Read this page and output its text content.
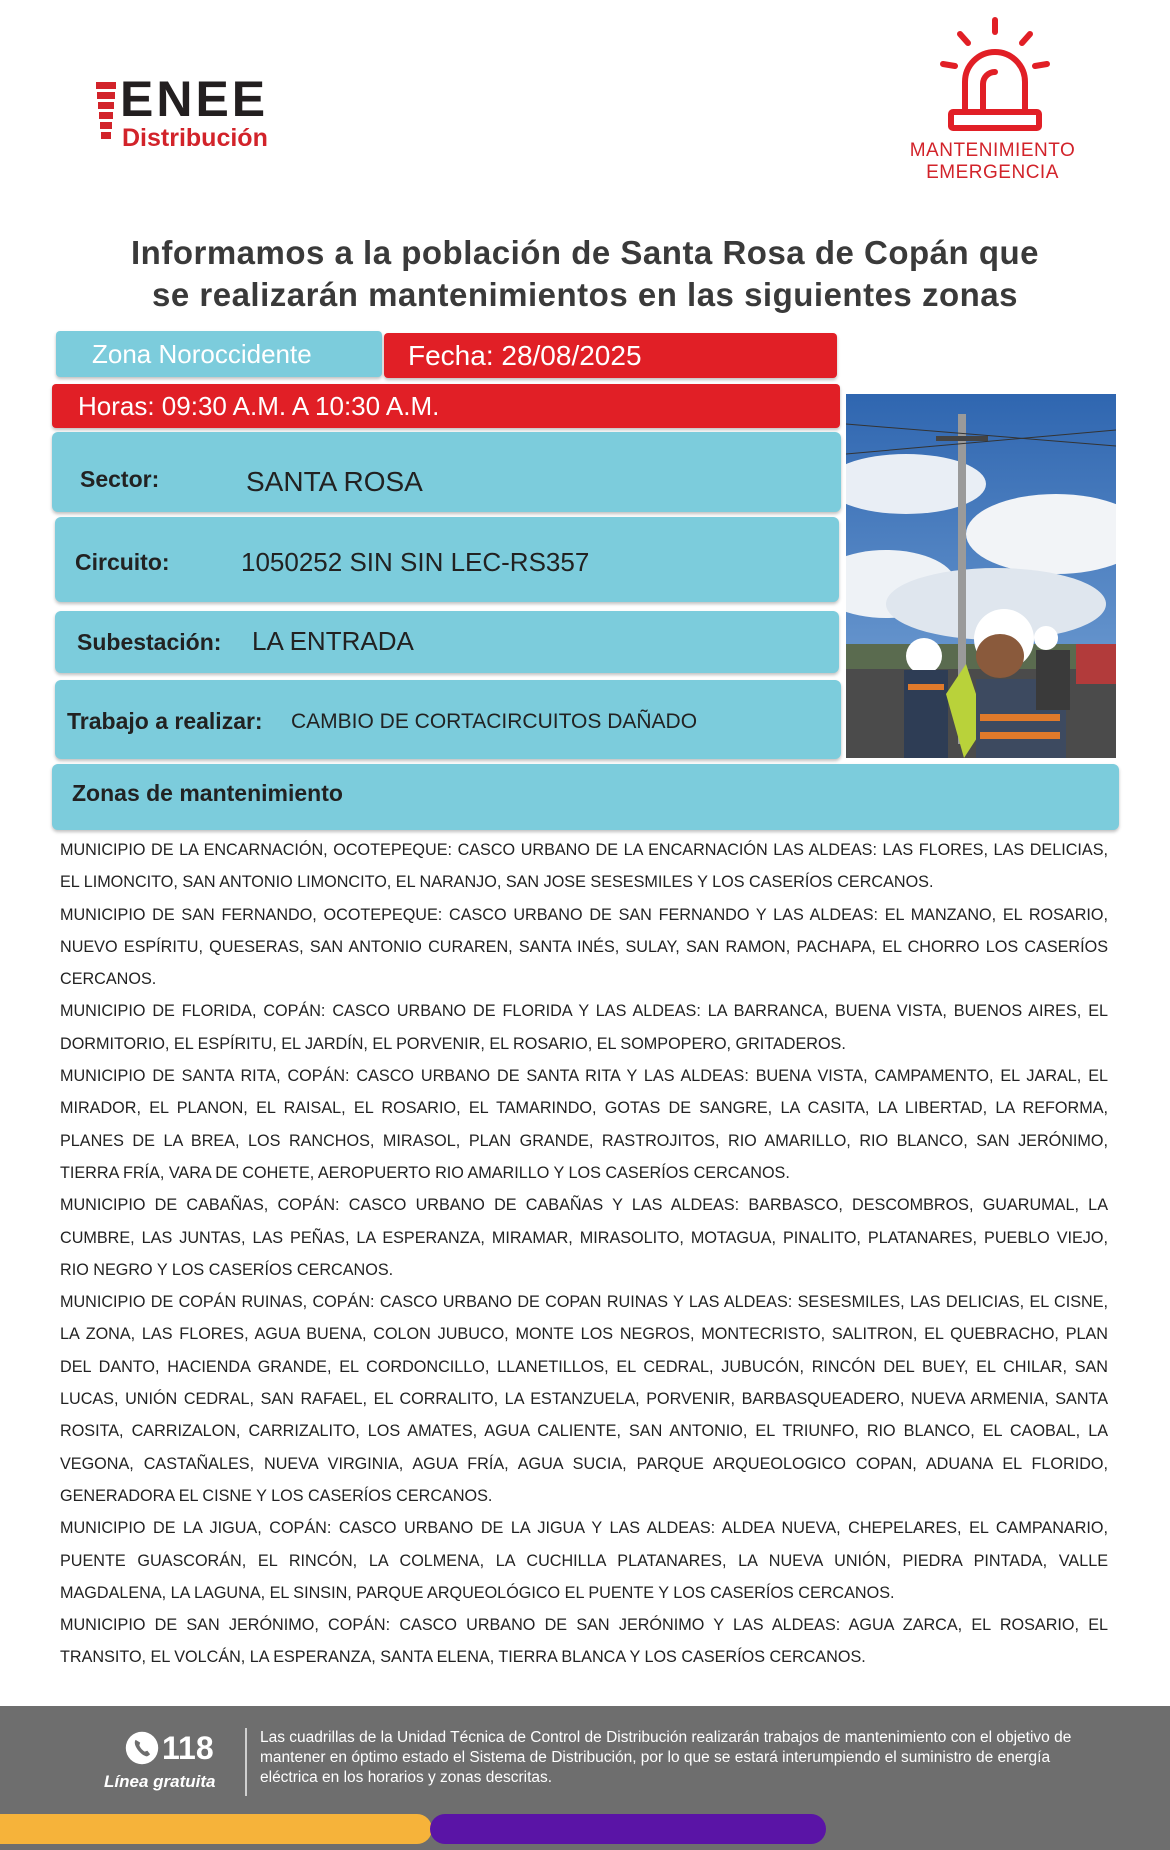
ENEE
Distribución	MANTENIMIENTO
EMERGENCIA
Informamos a la población de Santa Rosa de Copán que
se realizarán mantenimientos en las siguientes zonas
Zona Noroccidente	Fecha: 28/08/2025
Horas: 09:30 A.M. A 10:30 A.M.
Sector:	SANTA ROSA
Circuito:	1050252 SIN SIN LEC-RS357
Subestación: LA ENTRADA
Trabajo a realizar: CAMBIO DE CORTACIRCUITOS DAÑADO
Zonas de mantenimiento

MUNICIPIO DE LA ENCARNACIÓN, OCOTEPEQUE: CASCO URBANO DE LA ENCARNACIÓN LAS ALDEAS: LAS FLORES, LAS DELICIAS, EL LIMONCITO, SAN ANTONIO LIMONCITO, EL NARANJO, SAN JOSE SESESMILES Y LOS CASERÍOS CERCANOS.

MUNICIPIO DE SAN FERNANDO, OCOTEPEQUE: CASCO URBANO DE SAN FERNANDO Y LAS ALDEAS: EL MANZANO, EL ROSARIO, NUEVO ESPÍRITU, QUESERAS, SAN ANTONIO CURAREN, SANTA INÉS, SULAY, SAN RAMON, PACHAPA, EL CHORRO LOS CASERÍOS CERCANOS.

MUNICIPIO DE FLORIDA, COPÁN: CASCO URBANO DE FLORIDA Y LAS ALDEAS: LA BARRANCA, BUENA VISTA, BUENOS AIRES, EL DORMITORIO, EL ESPÍRITU, EL JARDÍN, EL PORVENIR, EL ROSARIO, EL SOMPOPERO, GRITADEROS.

MUNICIPIO DE SANTA RITA, COPÁN: CASCO URBANO DE SANTA RITA Y LAS ALDEAS: BUENA VISTA, CAMPAMENTO, EL JARAL, EL MIRADOR, EL PLANON, EL RAISAL, EL ROSARIO, EL TAMARINDO, GOTAS DE SANGRE, LA CASITA, LA LIBERTAD, LA REFORMA, PLANES DE LA BREA, LOS RANCHOS, MIRASOL, PLAN GRANDE, RASTROJITOS, RIO AMARILLO, RIO BLANCO, SAN JERÓNIMO, TIERRA FRÍA, VARA DE COHETE, AEROPUERTO RIO AMARILLO Y LOS CASERÍOS CERCANOS.

MUNICIPIO DE CABAÑAS, COPÁN: CASCO URBANO DE CABAÑAS Y LAS ALDEAS: BARBASCO, DESCOMBROS, GUARUMAL, LA CUMBRE, LAS JUNTAS, LAS PEÑAS, LA ESPERANZA, MIRAMAR, MIRASOLITO, MOTAGUA, PINALITO, PLATANARES, PUEBLO VIEJO, RIO NEGRO Y LOS CASERÍOS CERCANOS.

MUNICIPIO DE COPÁN RUINAS, COPÁN: CASCO URBANO DE COPAN RUINAS Y LAS ALDEAS: SESESMILES, LAS DELICIAS, EL CISNE, LA ZONA, LAS FLORES, AGUA BUENA, COLON JUBUCO, MONTE LOS NEGROS, MONTECRISTO, SALITRON, EL QUEBRACHO, PLAN DEL DANTO, HACIENDA GRANDE, EL CORDONCILLO, LLANETILLOS, EL CEDRAL, JUBUCÓN, RINCÓN DEL BUEY, EL CHILAR, SAN LUCAS, UNIÓN CEDRAL, SAN RAFAEL, EL CORRALITO, LA ESTANZUELA, PORVENIR, BARBASQUEADERO, NUEVA ARMENIA, SANTA ROSITA, CARRIZALON, CARRIZALITO, LOS AMATES, AGUA CALIENTE, SAN ANTONIO, EL TRIUNFO, RIO BLANCO, EL CAOBAL, LA VEGONA, CASTAÑALES, NUEVA VIRGINIA, AGUA FRÍA, AGUA SUCIA, PARQUE ARQUEOLOGICO COPAN, ADUANA EL FLORIDO, GENERADORA EL CISNE Y LOS CASERÍOS CERCANOS.

MUNICIPIO DE LA JIGUA, COPÁN: CASCO URBANO DE LA JIGUA Y LAS ALDEAS: ALDEA NUEVA, CHEPELARES, EL CAMPANARIO, PUENTE GUASCORÁN, EL RINCÓN, LA COLMENA, LA CUCHILLA PLATANARES, LA NUEVA UNIÓN, PIEDRA PINTADA, VALLE MAGDALENA, LA LAGUNA, EL SINSIN, PARQUE ARQUEOLÓGICO EL PUENTE Y LOS CASERÍOS CERCANOS.

MUNICIPIO DE SAN JERÓNIMO, COPÁN: CASCO URBANO DE SAN JERÓNIMO Y LAS ALDEAS: AGUA ZARCA, EL ROSARIO, EL TRANSITO, EL VOLCÁN, LA ESPERANZA, SANTA ELENA, TIERRA BLANCA Y LOS CASERÍOS CERCANOS.

118
Línea gratuita
Las cuadrillas de la Unidad Técnica de Control de Distribución realizarán trabajos de mantenimiento con el objetivo de mantener en óptimo estado el Sistema de Distribución, por lo que se estará interumpiendo el suministro de energía eléctrica en los horarios y zonas descritas.
